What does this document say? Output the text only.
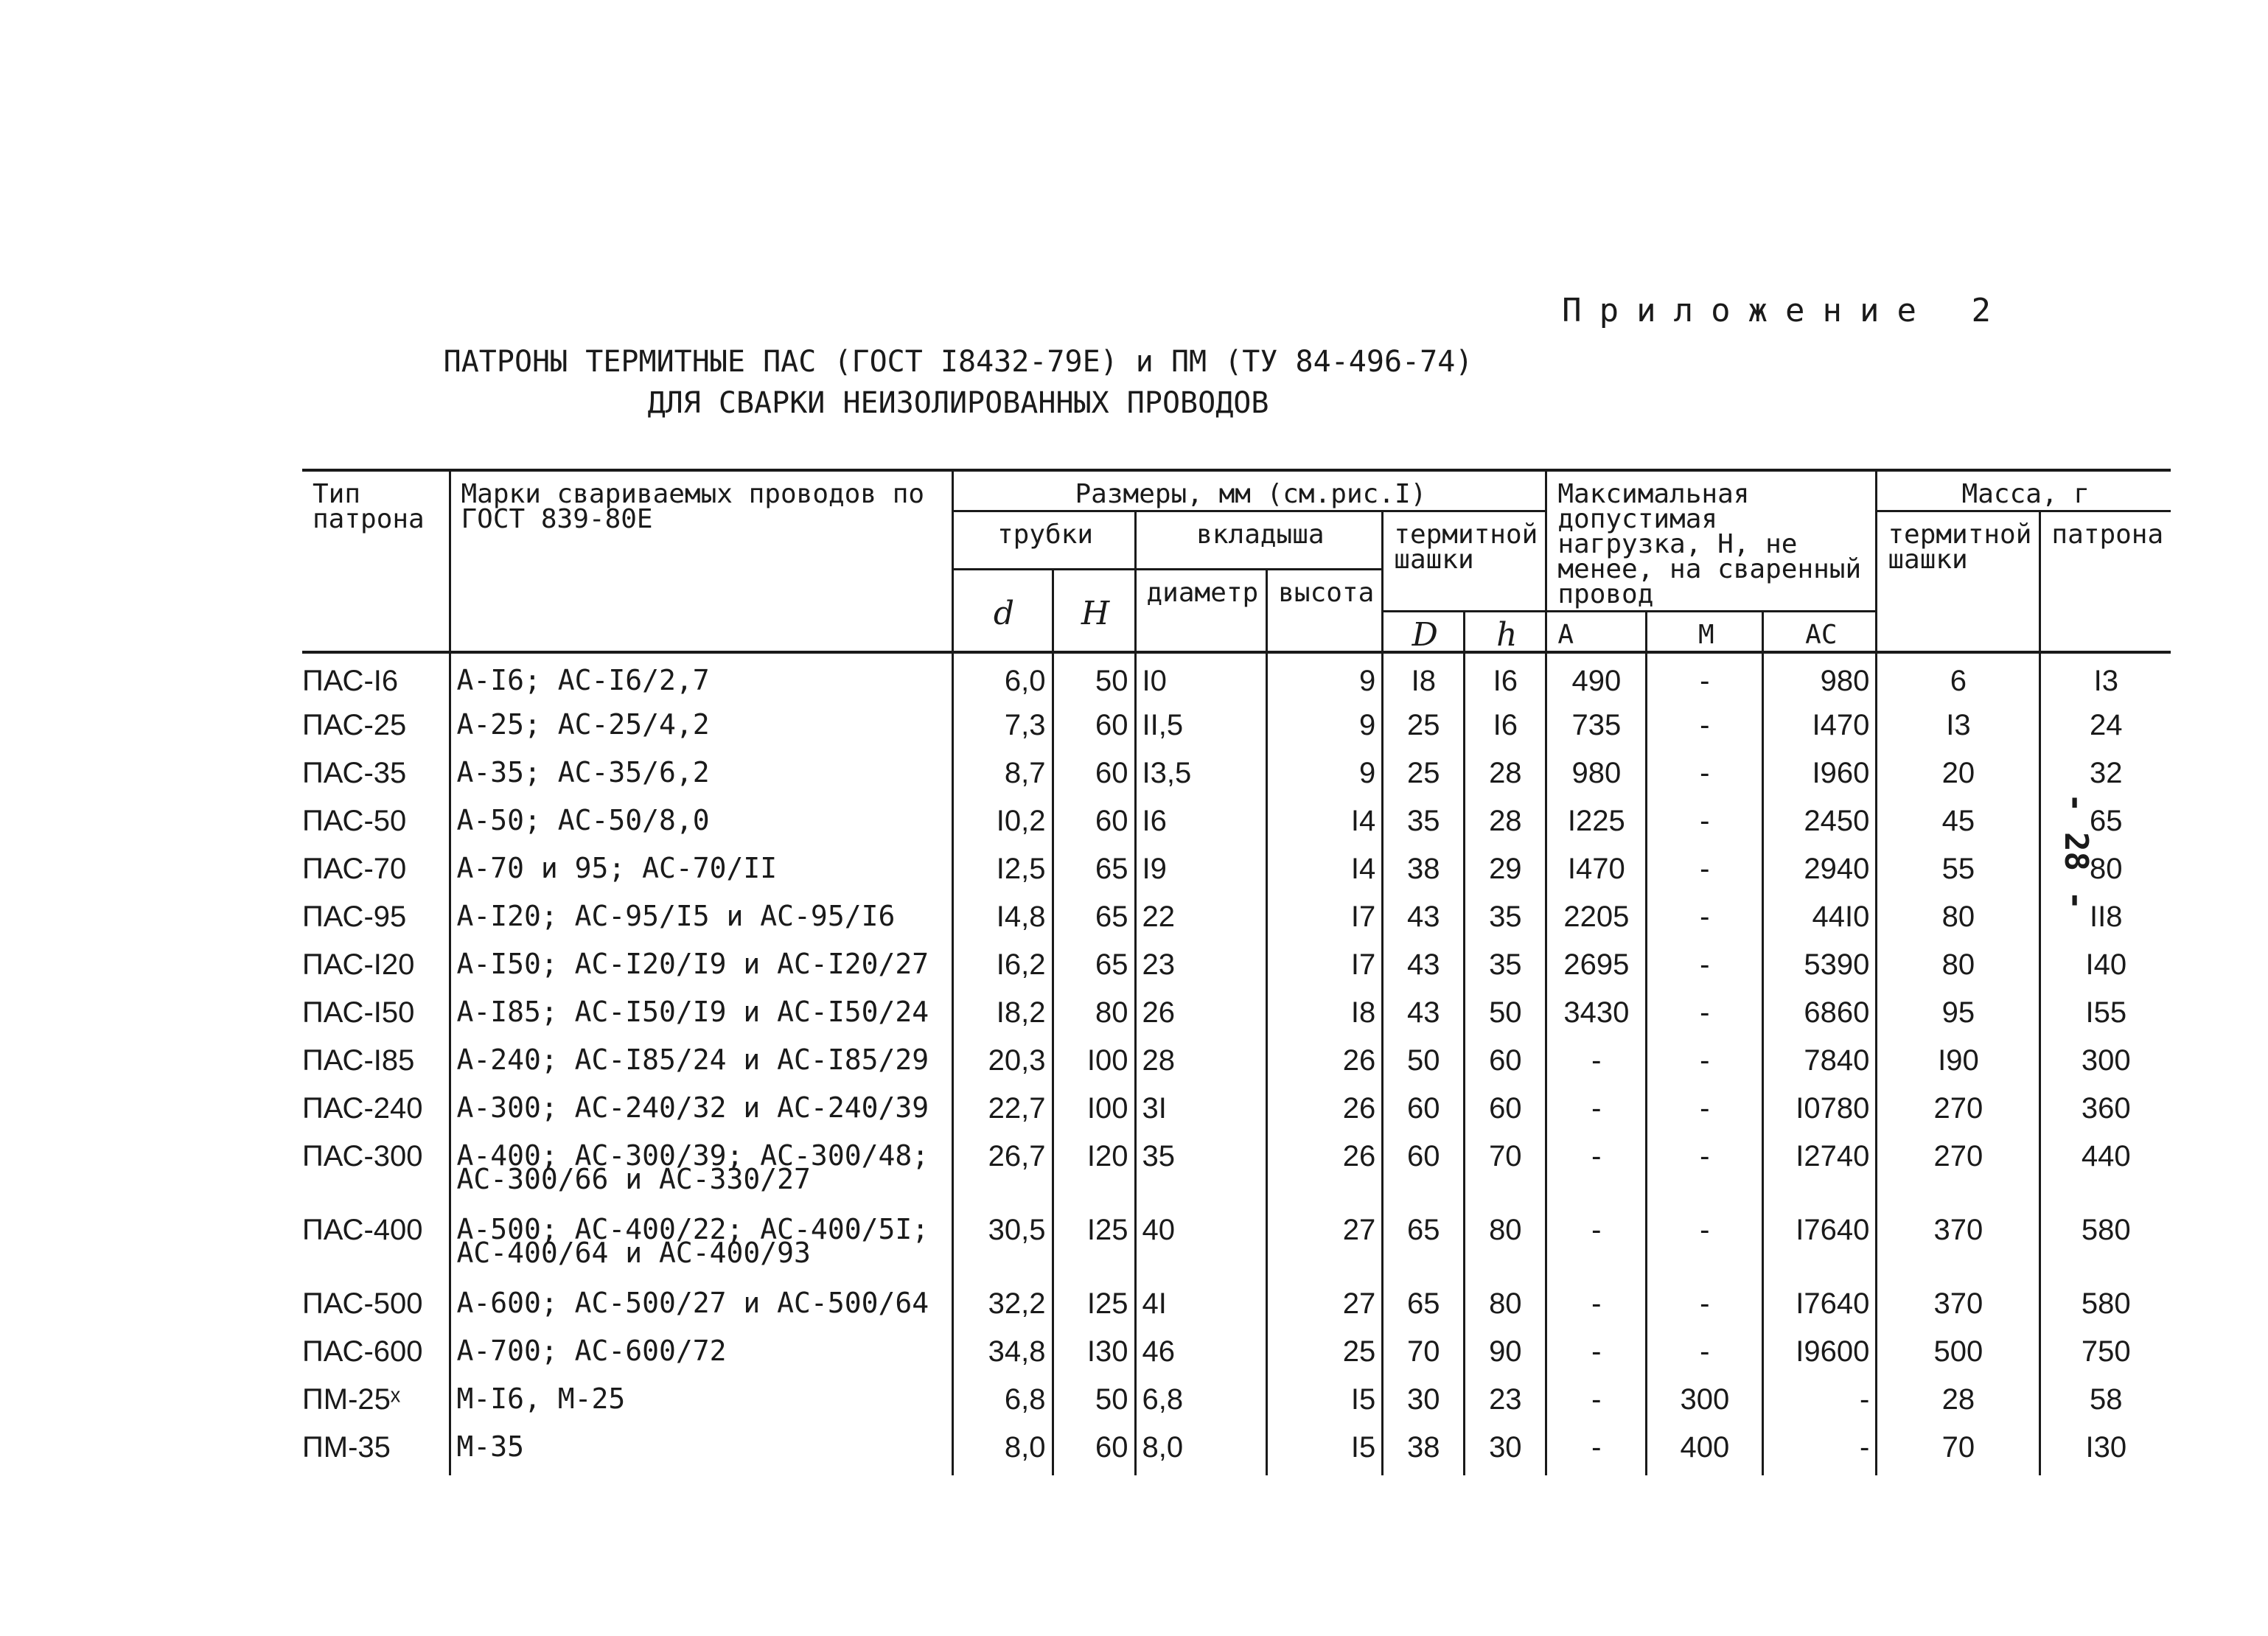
Приложение 2
ПАТРОНЫ ТЕРМИТНЫЕ ПАС (ГОСТ I8432-79Е) и ПМ (ТУ 84-496-74)
ДЛЯ СВАРКИ НЕИЗОЛИРОВАННЫХ ПРОВОДОВ
- 28 -
Тип патрона	Марки свариваемых проводов по ГОСТ 839-80Е	Размеры, мм (см.рис.I)						Максимальная допустимая нагрузка, Н, не менее, на сваренный провод			Масса, г	
		трубки		вкладыша		термитной шашки					термитной шашки	патрона
		d	H	диаметр	высота							
						D	h	А	М	АС		
ПАС-I6	А-I6; АС-I6/2,7	6,0	50	I0	9	I8	I6	490	-	980	6	I3
ПАС-25	А-25; АС-25/4,2	7,3	60	II,5	9	25	I6	735	-	I470	I3	24
ПАС-35	А-35; АС-35/6,2	8,7	60	I3,5	9	25	28	980	-	I960	20	32
ПАС-50	А-50; АС-50/8,0	I0,2	60	I6	I4	35	28	I225	-	2450	45	65
ПАС-70	А-70 и 95; АС-70/II	I2,5	65	I9	I4	38	29	I470	-	2940	55	80
ПАС-95	А-I20; АС-95/I5 и АС-95/I6	I4,8	65	22	I7	43	35	2205	-	44I0	80	II8
ПАС-I20	А-I50; АС-I20/I9 и АС-I20/27	I6,2	65	23	I7	43	35	2695	-	5390	80	I40
ПАС-I50	А-I85; АС-I50/I9 и АС-I50/24	I8,2	80	26	I8	43	50	3430	-	6860	95	I55
ПАС-I85	А-240; АС-I85/24 и АС-I85/29	20,3	I00	28	26	50	60	-	-	7840	I90	300
ПАС-240	А-300; АС-240/32 и АС-240/39	22,7	I00	3I	26	60	60	-	-	I0780	270	360
ПАС-300	А-400; АС-300/39; АС-300/48; АС-300/66 и АС-330/27	26,7	I20	35	26	60	70	-	-	I2740	270	440
ПАС-400	А-500; АС-400/22; АС-400/5I; АС-400/64 и АС-400/93	30,5	I25	40	27	65	80	-	-	I7640	370	580
ПАС-500	А-600; АС-500/27 и АС-500/64	32,2	I25	4I	27	65	80	-	-	I7640	370	580
ПАС-600	А-700; АС-600/72	34,8	I30	46	25	70	90	-	-	I9600	500	750
ПМ-25ˣ	М-I6, М-25	6,8	50	6,8	I5	30	23	-	300	-	28	58
ПМ-35	М-35	8,0	60	8,0	I5	38	30	-	400	-	70	I30
